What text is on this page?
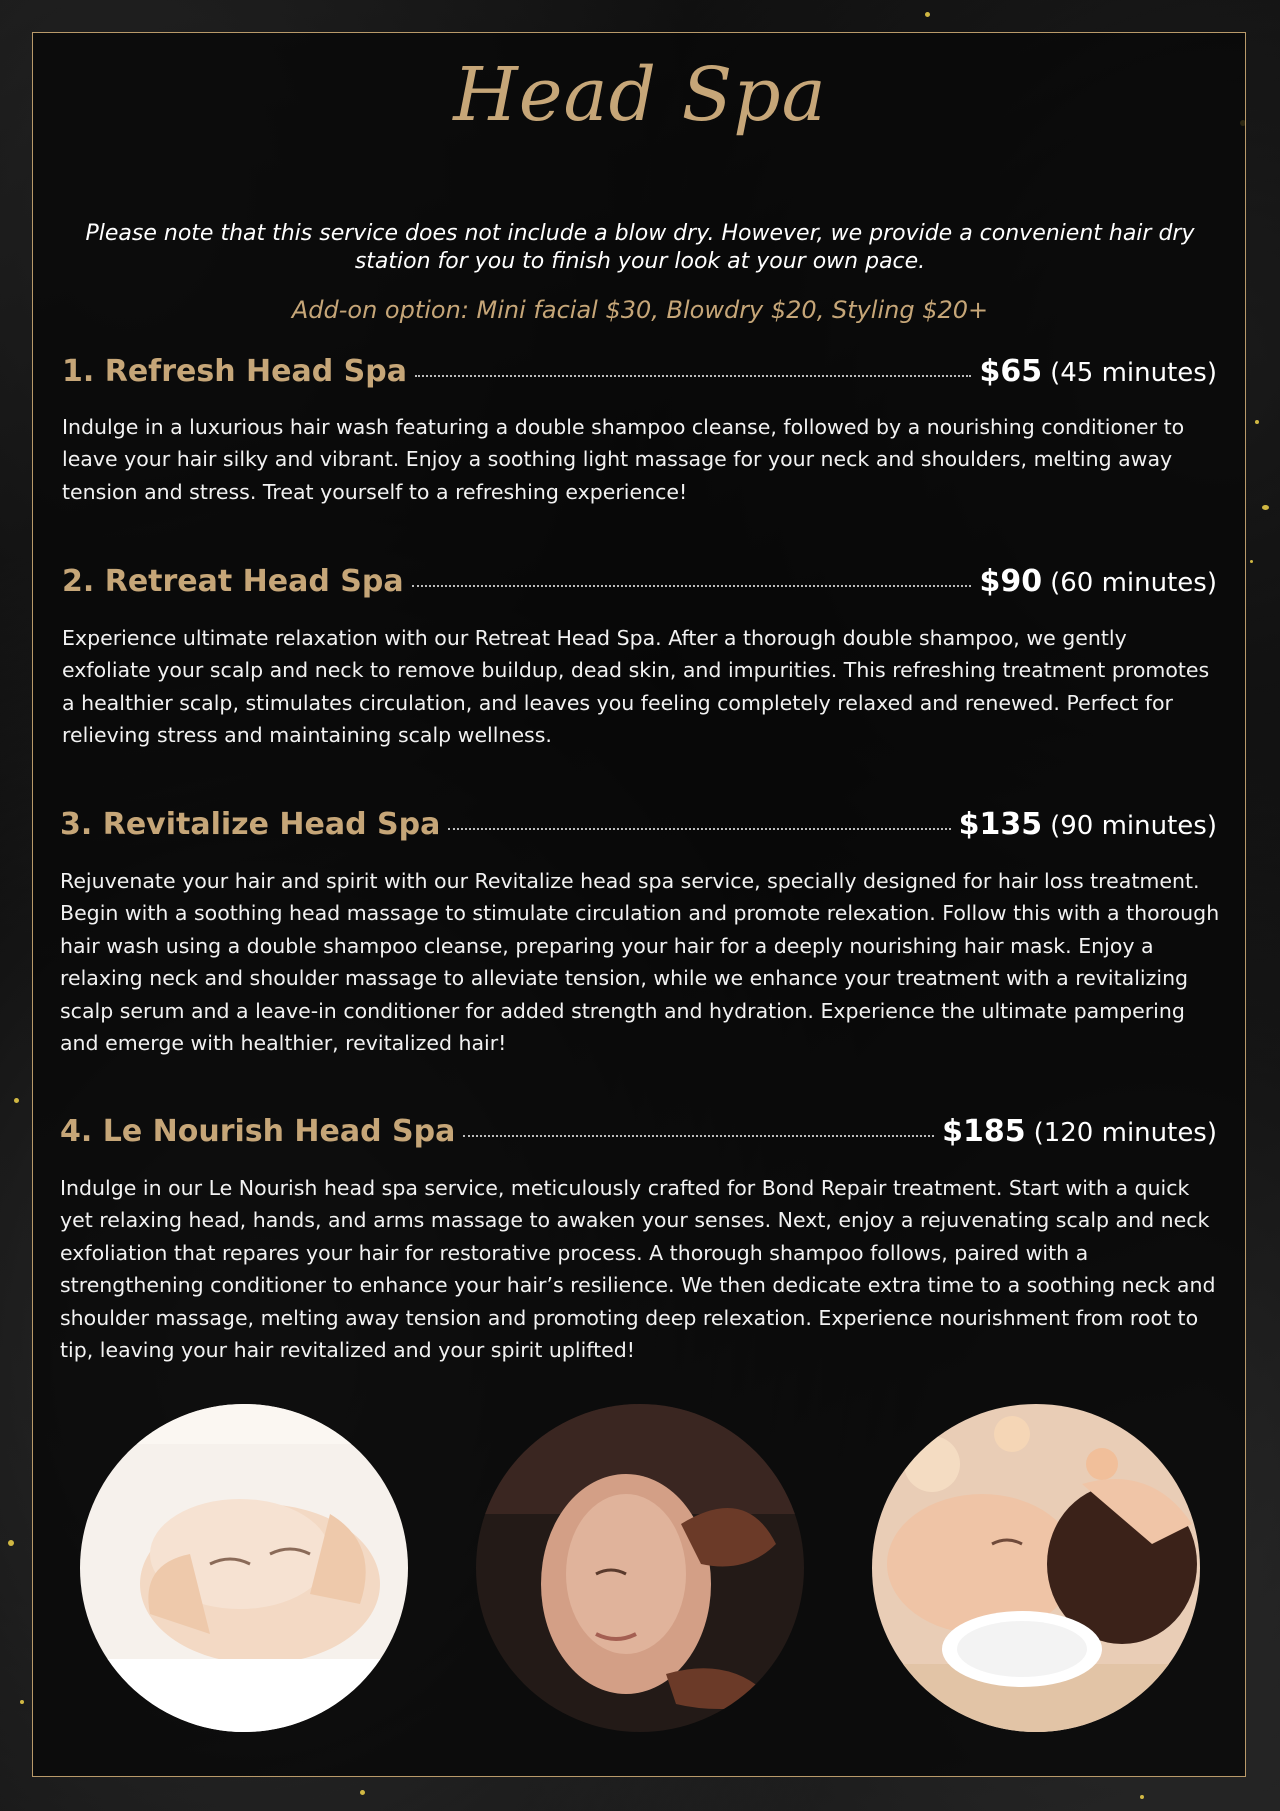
Head Spa
Please note that this service does not include a blow dry. However, we provide a convenient hair dry station for you to finish your look at your own pace.
Add-on option: Mini facial $30, Blowdry $20, Styling $20+
1. Refresh Head Spa	$65 (45 minutes)
Indulge in a luxurious hair wash featuring a double shampoo cleanse, followed by a nourishing conditioner to leave your hair silky and vibrant. Enjoy a soothing light massage for your neck and shoulders, melting away tension and stress. Treat yourself to a refreshing experience!
2. Retreat Head Spa	$90 (60 minutes)
Experience ultimate relaxation with our Retreat Head Spa. After a thorough double shampoo, we gently exfoliate your scalp and neck to remove buildup, dead skin, and impurities. This refreshing treatment promotes a healthier scalp, stimulates circulation, and leaves you feeling completely relaxed and renewed. Perfect for relieving stress and maintaining scalp wellness.
3. Revitalize Head Spa	$135 (90 minutes)
Rejuvenate your hair and spirit with our Revitalize head spa service, specially designed for hair loss treatment. Begin with a soothing head massage to stimulate circulation and promote relexation. Follow this with a thorough hair wash using a double shampoo cleanse, preparing your hair for a deeply nourishing hair mask. Enjoy a relaxing neck and shoulder massage to alleviate tension, while we enhance your treatment with a revitalizing scalp serum and a leave-in conditioner for added strength and hydration. Experience the ultimate pampering and emerge with healthier, revitalized hair!
4. Le Nourish Head Spa	$185 (120 minutes)
Indulge in our Le Nourish head spa service, meticulously crafted for Bond Repair treatment. Start with a quick yet relaxing head, hands, and arms massage to awaken your senses. Next, enjoy a rejuvenating scalp and neck exfoliation that repares your hair for restorative process. A thorough shampoo follows, paired with a strengthening conditioner to enhance your hair’s resilience. We then dedicate extra time to a soothing neck and shoulder massage, melting away tension and promoting deep relexation. Experience nourishment from root to tip, leaving your hair revitalized and your spirit uplifted!
